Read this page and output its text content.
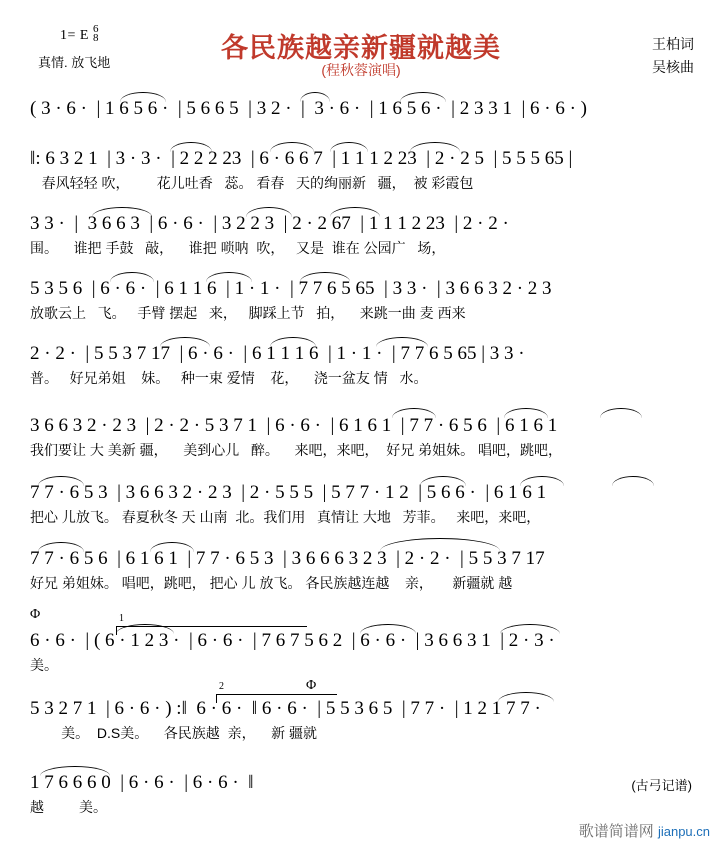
1= E 6
8
真情. 放飞地	各民族越亲新疆就越美
(程秋蓉演唱)
王柏词
吴核曲
(古弓记谱)
( 3 · 6 ·  | 1 6 5 6 ·  | 5 6 6 5  | 3 2 ·  |  3 · 6 ·  | 1 6 5 6 ·  | 2 3 3 1  | 6 · 6 · )
‖: 6 3 2 1  | 3 · 3 ·  | 2 2 2 23  | 6 · 6 6 7  | 1 1 1 2 23  | 2 · 2 5  | 5 5 5 65 |
春风轻轻 吹，       花儿吐香   蕊。 看春   天的绚丽新   疆，  被 彩霞包
3 3 ·  |  3 6 6 3  | 6 · 6 ·  | 3 2 2 3  | 2 · 2 67  | 1 1 1 2 23  | 2 · 2 ·
围。    谁把 手鼓   敲，    谁把 唢呐  吹，   又是  谁在 公园广   场，
5 3 5 6  | 6 · 6 ·  | 6 1 1 6  | 1 · 1 ·  | 7 7 6 5 65  | 3 3 ·  | 3 6 6 3 2 · 2 3
放歌云上   飞。   手臂 摆起   来，   脚踩上节   拍，    来跳一曲 麦 西来
2 · 2 ·  | 5 5 3 7 17  | 6 · 6 ·  | 6 1 1 1 6  | 1 · 1 ·  | 7 7 6 5 65 | 3 3 ·
普。   好兄弟姐    妹。   种一束 爱情    花，    浇一盆友 情   水。
3 6 6 3 2 · 2 3  | 2 · 2 · 5 3 7 1  | 6 · 6 ·  | 6 1 6 1  | 7 7 · 6 5 6  | 6 1 6 1
我们要让 大 美新 疆，    美到心儿   醉。    来吧，来吧，  好兄 弟姐妹。 唱吧，跳吧，
7 7 · 6 5 3  | 3 6 6 3 2 · 2 3  | 2 · 5 5 5  | 5 7 7 · 1 2  | 5 6 6 ·  | 6 1 6 1
把心 儿放飞。 春夏秋冬 天 山南  北。我们用   真情让 大地   芳菲。   来吧，来吧，
7 7 · 6 5 6  | 6 1 6 1  | 7 7 · 6 5 3  | 3 6 6 6 3 2 3  | 2 · 2 ·  | 5 5 3 7 17
好兄 弟姐妹。 唱吧，跳吧， 把心 儿 放飞。 各民族越连越    亲，     新疆就 越
6 · 6 ·  | ( 6 · 1 2 3 ·  | 6 · 6 ·  | 7 6 7 5 6 2  | 6 · 6 ·  | 3 6 6 3 1  | 2 · 3 ·
美。
5 3 2 7 1  | 6 · 6 · ) :‖  6 · 6 ·  ‖ 6 · 6 ·  | 5 5 3 6 5  | 7 7 ·  | 1 2 1 7 7 ·
美。  D.S美。    各民族越  亲，    新 疆就
1 7 6 6 6 0  | 6 · 6 ·  | 6 · 6 ·  ‖
越         美。
1
2
Φ
Φ
歌谱简谱网 jianpu.cn
